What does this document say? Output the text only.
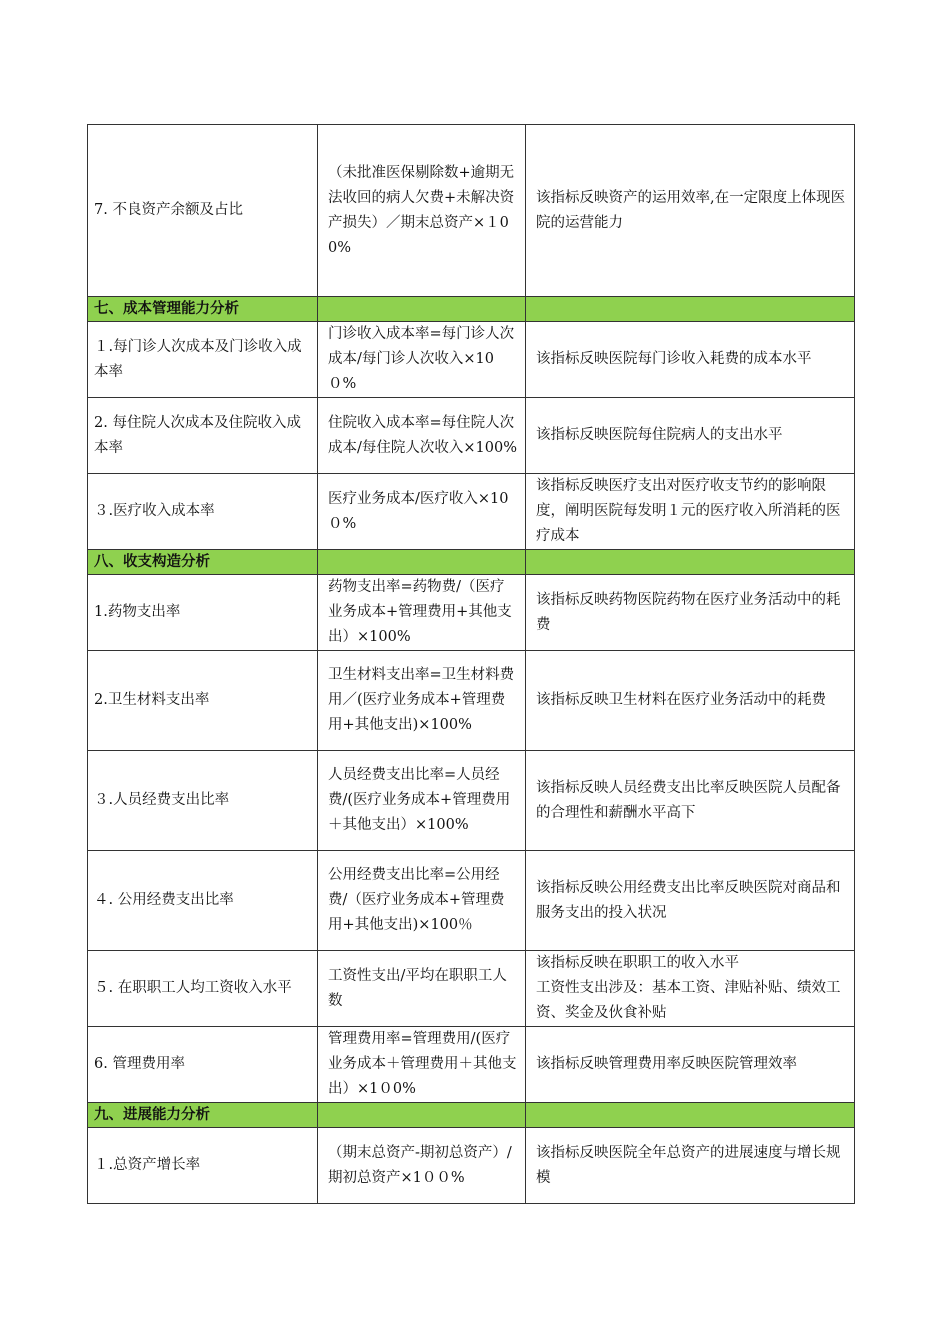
7. 不良资产余额及占比	（未批准医保剔除数+逾期无法收回的病人欠费+未解决资产损失）／期末总资产×１00%	该指标反映资产的运用效率,在一定限度上体现医院的运营能力
七、成本管理能力分析		
１.每门诊人次成本及门诊收入成本率	门诊收入成本率=每门诊人次成本/每门诊人次收入×10０%	该指标反映医院每门诊收入耗费的成本水平
2. 每住院人次成本及住院收入成本率	住院收入成本率=每住院人次成本/每住院人次收入×100%	该指标反映医院每住院病人的支出水平
３.医疗收入成本率	医疗业务成本/医疗收入×10０%	该指标反映医疗支出对医疗收支节约的影响限度，阐明医院每发明１元的医疗收入所消耗的医疗成本
八、收支构造分析		
1.药物支出率	药物支出率=药物费/（医疗业务成本+管理费用+其他支出）×100%	该指标反映药物医院药物在医疗业务活动中的耗费
2.卫生材料支出率	卫生材料支出率=卫生材料费用／(医疗业务成本+管理费用+其他支出)×100%	该指标反映卫生材料在医疗业务活动中的耗费
３.人员经费支出比率	人员经费支出比率=人员经费/(医疗业务成本+管理费用＋其他支出）×100%	该指标反映人员经费支出比率反映医院人员配备的合理性和薪酬水平高下
４. 公用经费支出比率	公用经费支出比率=公用经费/（医疗业务成本+管理费用+其他支出)×100％	该指标反映公用经费支出比率反映医院对商品和服务支出的投入状况
５. 在职职工人均工资收入水平	工资性支出/平均在职职工人数	该指标反映在职职工的收入水平
工资性支出涉及：基本工资、津贴补贴、绩效工资、奖金及伙食补贴
6. 管理费用率	管理费用率=管理费用/(医疗业务成本＋管理费用＋其他支出）×1０0%	该指标反映管理费用率反映医院管理效率
九、进展能力分析		
１.总资产增长率	（期末总资产-期初总资产）/期初总资产×1００%	该指标反映医院全年总资产的进展速度与增长规模
